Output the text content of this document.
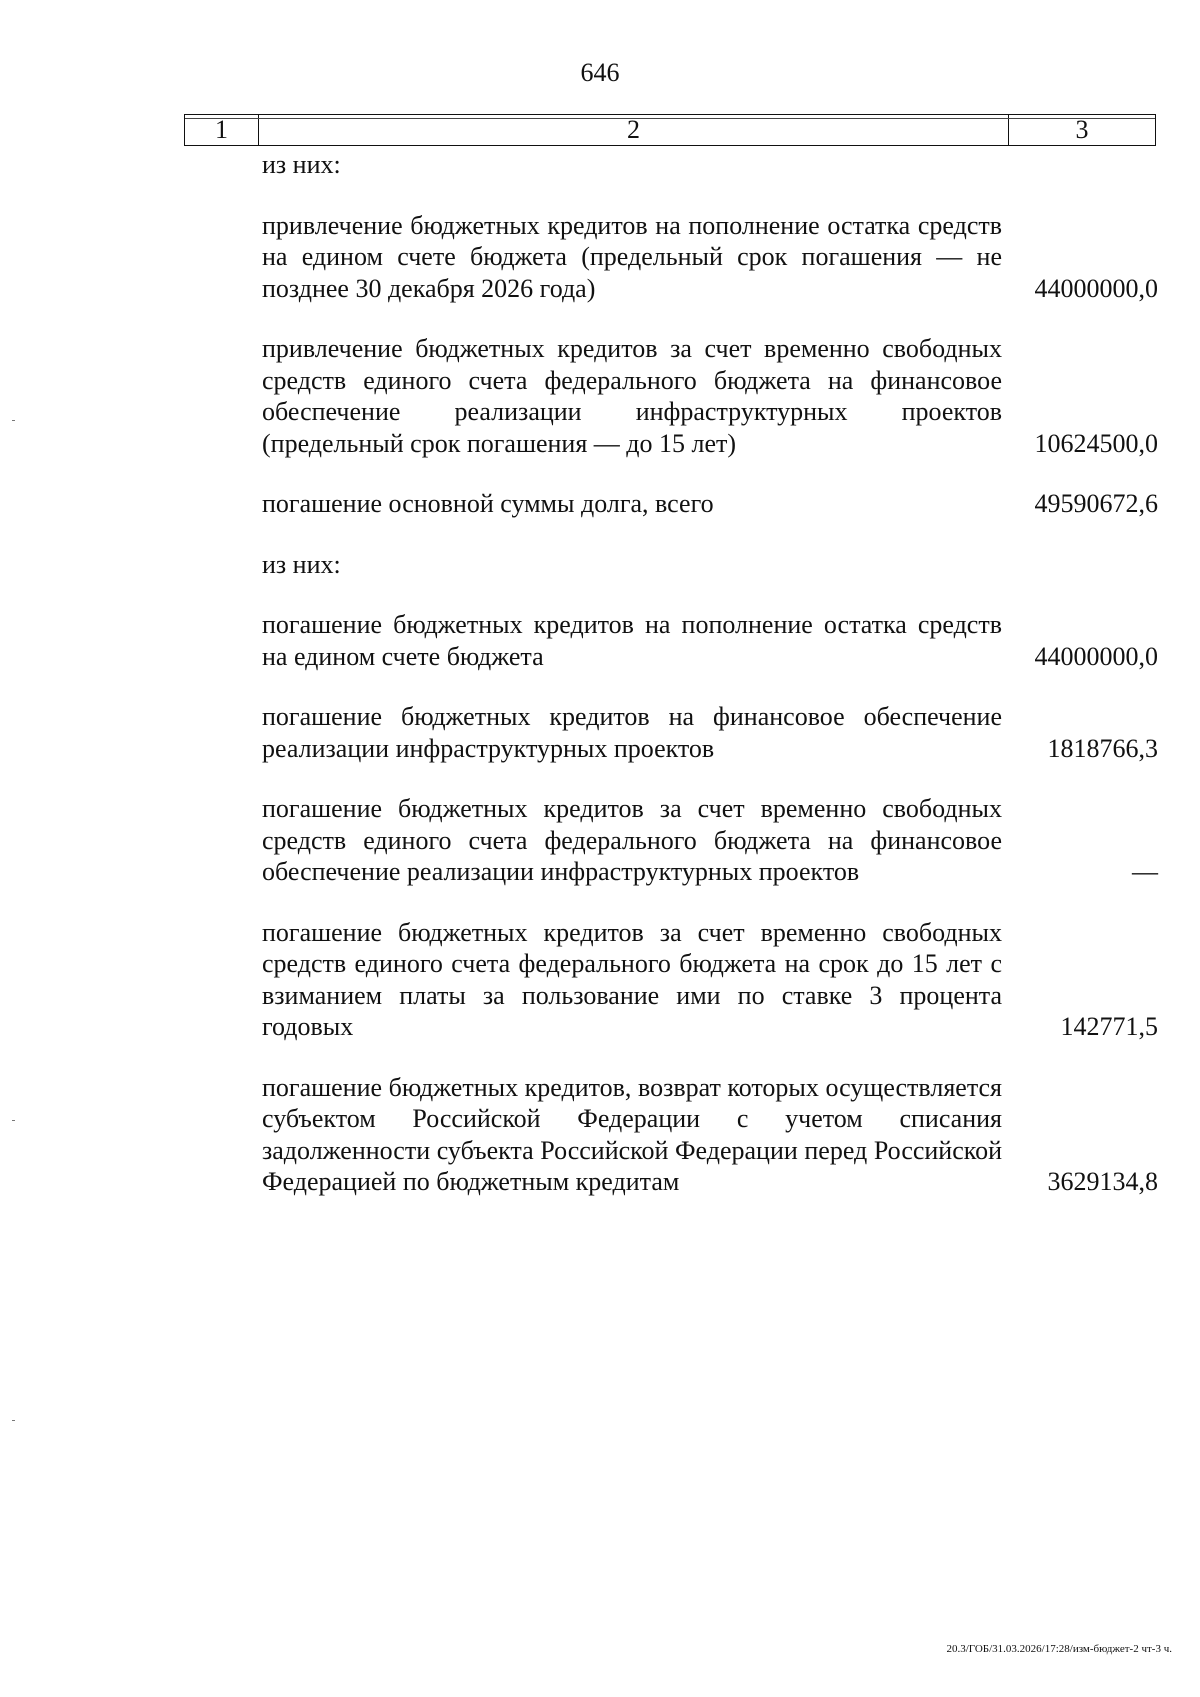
646
1	2	3
из них:
привлечение бюджетных кредитов на пополнение остатка средств на едином счете бюджета (предельный срок погашения — не позднее 30 декабря 2026 года)	44000000,0
привлечение бюджетных кредитов за счет временно свободных средств единого счета федерального бюджета на финансовое обеспечение реализации инфраструктурных проектов (предельный срок погашения — до 15 лет)	10624500,0
погашение основной суммы долга, всего	49590672,6
из них:
погашение бюджетных кредитов на пополнение остатка средств на едином счете бюджета	44000000,0
погашение бюджетных кредитов на финансовое обеспечение реализации инфраструктурных проектов	1818766,3
погашение бюджетных кредитов за счет временно свободных средств единого счета федерального бюджета на финансовое обеспечение реализации инфраструктурных проектов	—
погашение бюджетных кредитов за счет временно свободных средств единого счета федерального бюджета на срок до 15 лет с взиманием платы за пользование ими по ставке 3 процента годовых	142771,5
погашение бюджетных кредитов, возврат которых осуществляется субъектом Российской Федерации с учетом списания задолженности субъекта Российской Федерации перед Российской Федерацией по бюджетным кредитам	3629134,8
20.3/ГОБ/31.03.2026/17:28/изм-бюджет-2 чт-3 ч.
